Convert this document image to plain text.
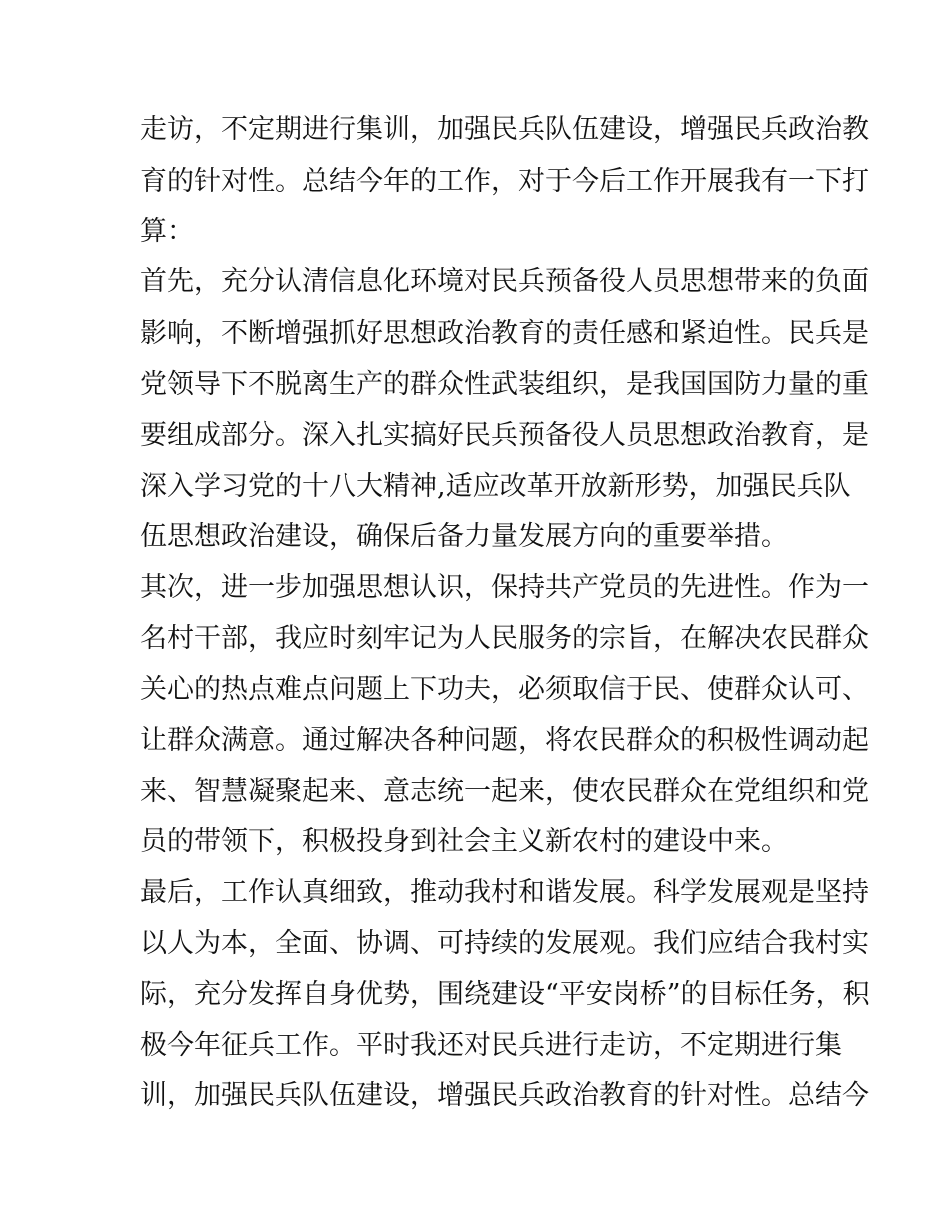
走访，不定期进行集训，加强民兵队伍建设，增强民兵政治教
育的针对性。总结今年的工作，对于今后工作开展我有一下打
算：
首先，充分认清信息化环境对民兵预备役人员思想带来的负面
影响，不断增强抓好思想政治教育的责任感和紧迫性。民兵是
党领导下不脱离生产的群众性武装组织，是我国国防力量的重
要组成部分。深入扎实搞好民兵预备役人员思想政治教育，是
深入学习党的十八大精神,适应改革开放新形势，加强民兵队
伍思想政治建设，确保后备力量发展方向的重要举措。
其次，进一步加强思想认识，保持共产党员的先进性。作为一
名村干部，我应时刻牢记为人民服务的宗旨，在解决农民群众
关心的热点难点问题上下功夫，必须取信于民、使群众认可、
让群众满意。通过解决各种问题，将农民群众的积极性调动起
来、智慧凝聚起来、意志统一起来，使农民群众在党组织和党
员的带领下，积极投身到社会主义新农村的建设中来。
最后，工作认真细致，推动我村和谐发展。科学发展观是坚持
以人为本，全面、协调、可持续的发展观。我们应结合我村实
际，充分发挥自身优势，围绕建设“平安岗桥”的目标任务，积
极今年征兵工作。平时我还对民兵进行走访，不定期进行集
训，加强民兵队伍建设，增强民兵政治教育的针对性。总结今
